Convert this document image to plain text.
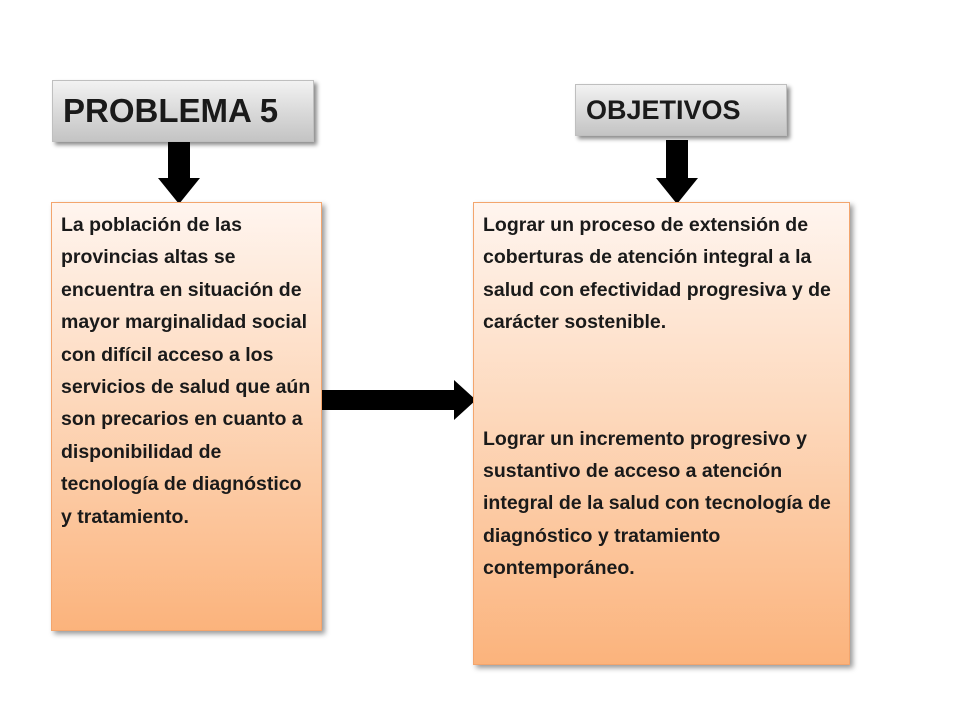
PROBLEMA 5	OBJETIVOS
La población de las provincias altas se encuentra en situación de mayor marginalidad social con difícil acceso a los servicios de salud que aún son precarios en cuanto a disponibilidad de tecnología de diagnóstico y tratamiento.
Lograr un proceso de extensión de coberturas de atención integral a la salud con efectividad progresiva y de carácter sostenible.
Lograr un incremento progresivo y sustantivo de acceso a atención integral de la salud con tecnología de diagnóstico y tratamiento contemporáneo.
